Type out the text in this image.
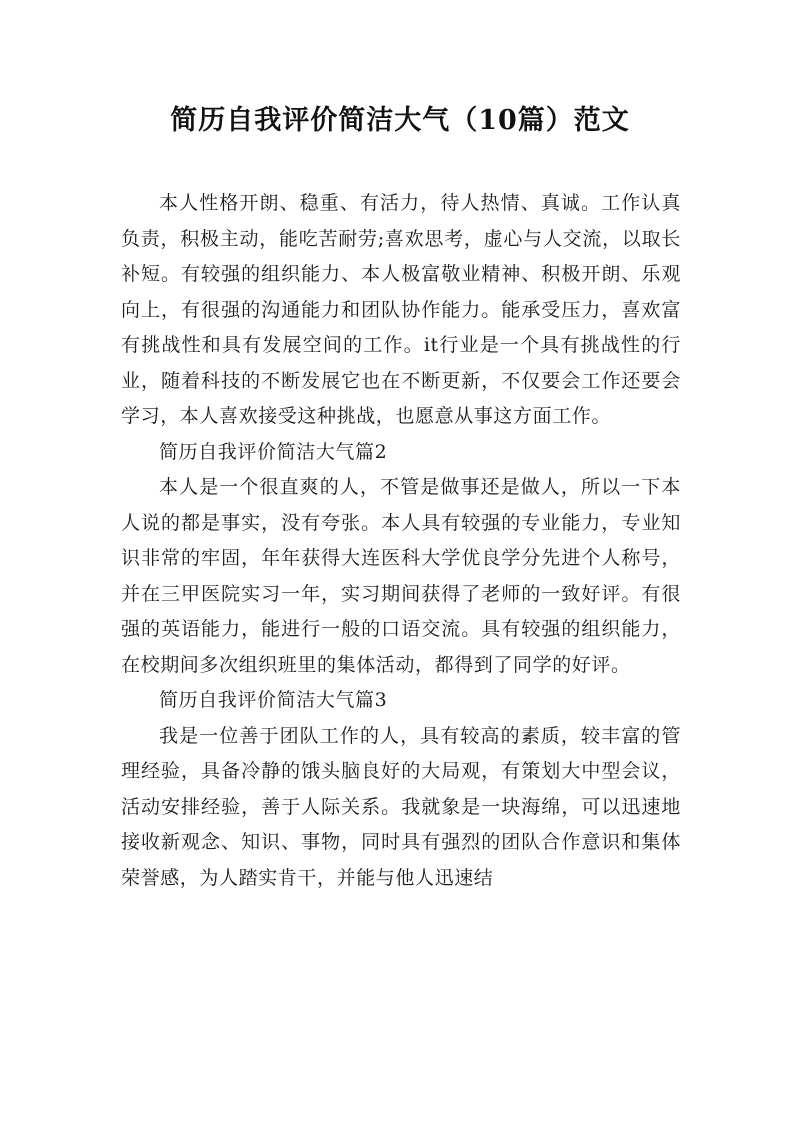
简历自我评价简洁大气（10篇）范文

本人性格开朗、稳重、有活力，待人热情、真诚。工作认真负责，积极主动，能吃苦耐劳;喜欢思考，虚心与人交流，以取长补短。有较强的组织能力、本人极富敬业精神、积极开朗、乐观向上，有很强的沟通能力和团队协作能力。能承受压力，喜欢富有挑战性和具有发展空间的工作。it行业是一个具有挑战性的行业，随着科技的不断发展它也在不断更新，不仅要会工作还要会学习，本人喜欢接受这种挑战，也愿意从事这方面工作。

简历自我评价简洁大气篇2

本人是一个很直爽的人，不管是做事还是做人，所以一下本人说的都是事实，没有夸张。本人具有较强的专业能力，专业知识非常的牢固，年年获得大连医科大学优良学分先进个人称号，并在三甲医院实习一年，实习期间获得了老师的一致好评。有很强的英语能力，能进行一般的口语交流。具有较强的组织能力，在校期间多次组织班里的集体活动，都得到了同学的好评。

简历自我评价简洁大气篇3

我是一位善于团队工作的人，具有较高的素质，较丰富的管理经验，具备冷静的饿头脑良好的大局观，有策划大中型会议，活动安排经验，善于人际关系。我就象是一块海绵，可以迅速地接收新观念、知识、事物，同时具有强烈的团队合作意识和集体荣誉感，为人踏实肯干，并能与他人迅速结
